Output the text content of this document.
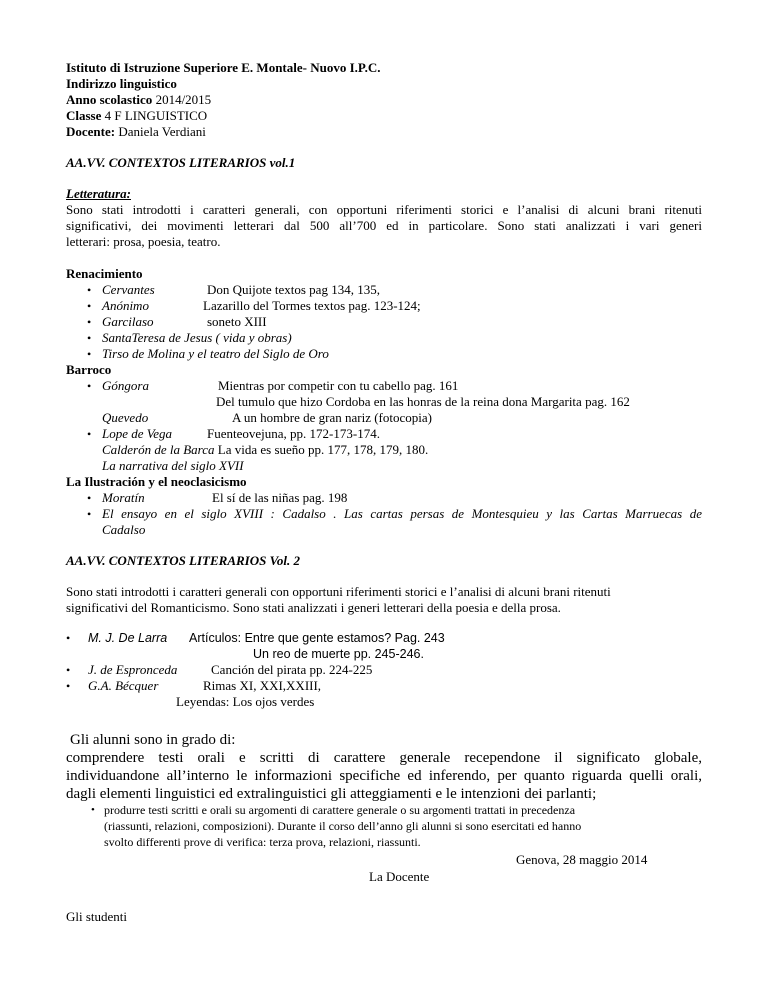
Istituto di Istruzione Superiore E. Montale- Nuovo I.P.C.
Indirizzo linguistico
Anno scolastico 2014/2015
Classe 4 F LINGUISTICO
Docente: Daniela Verdiani
AA.VV. CONTEXTOS LITERARIOS vol.1
Letteratura:
Sono stati introdotti i caratteri generali, con opportuni riferimenti storici e l’analisi di alcuni brani ritenuti
significativi, dei movimenti letterari dal 500 all’700 ed in particolare. Sono stati analizzati i vari generi
letterari: prosa, poesia, teatro.
Renacimiento
• Cervantes	Don Quijote textos pag 134, 135,
• Anónimo	Lazarillo del Tormes textos pag. 123-124;
• Garcilaso	soneto XIII
• SantaTeresa de Jesus ( vida y obras)
• Tirso de Molina y el teatro del Siglo de Oro
Barroco
• Góngora	Mientras por competir con tu cabello pag. 161
Del tumulo que hizo Cordoba en las honras de la reina dona Margarita pag. 162
Quevedo	A un hombre de gran nariz (fotocopia)
• Lope de Vega	Fuenteovejuna, pp. 172-173-174.
Calderón de la Barca La vida es sueño pp. 177, 178, 179, 180.
La narrativa del siglo XVII
La Ilustración y el neoclasicismo
• Moratín	El sí de las niñas pag. 198
• El ensayo en el siglo XVIII : Cadalso . Las cartas persas de Montesquieu y las Cartas Marruecas de
Cadalso
AA.VV. CONTEXTOS LITERARIOS Vol. 2
Sono stati introdotti i caratteri generali con opportuni riferimenti storici e l’analisi di alcuni brani ritenuti
significativi del Romanticismo. Sono stati analizzati i generi letterari della poesia e della prosa.
• M. J. De Larra Artículos: Entre que gente estamos? Pag. 243
Un reo de muerte pp. 245-246.
• J. de Espronceda	Canción del pirata pp. 224-225
• G.A. Bécquer	Rimas XI, XXI,XXIII,
Leyendas: Los ojos verdes
Gli alunni sono in grado di:
comprendere testi orali e scritti di carattere generale recependone il significato globale,
individuandone all’interno le informazioni specifiche ed inferendo, per quanto riguarda quelli orali,
dagli elementi linguistici ed extralinguistici gli atteggiamenti e le intenzioni dei parlanti;
• produrre testi scritti e orali su argomenti di carattere generale o su argomenti trattati in precedenza
(riassunti, relazioni, composizioni). Durante il corso dell’anno gli alunni si sono esercitati ed hanno
svolto differenti prove di verifica: terza prova, relazioni, riassunti.
Genova, 28 maggio 2014
La Docente
Gli studenti
